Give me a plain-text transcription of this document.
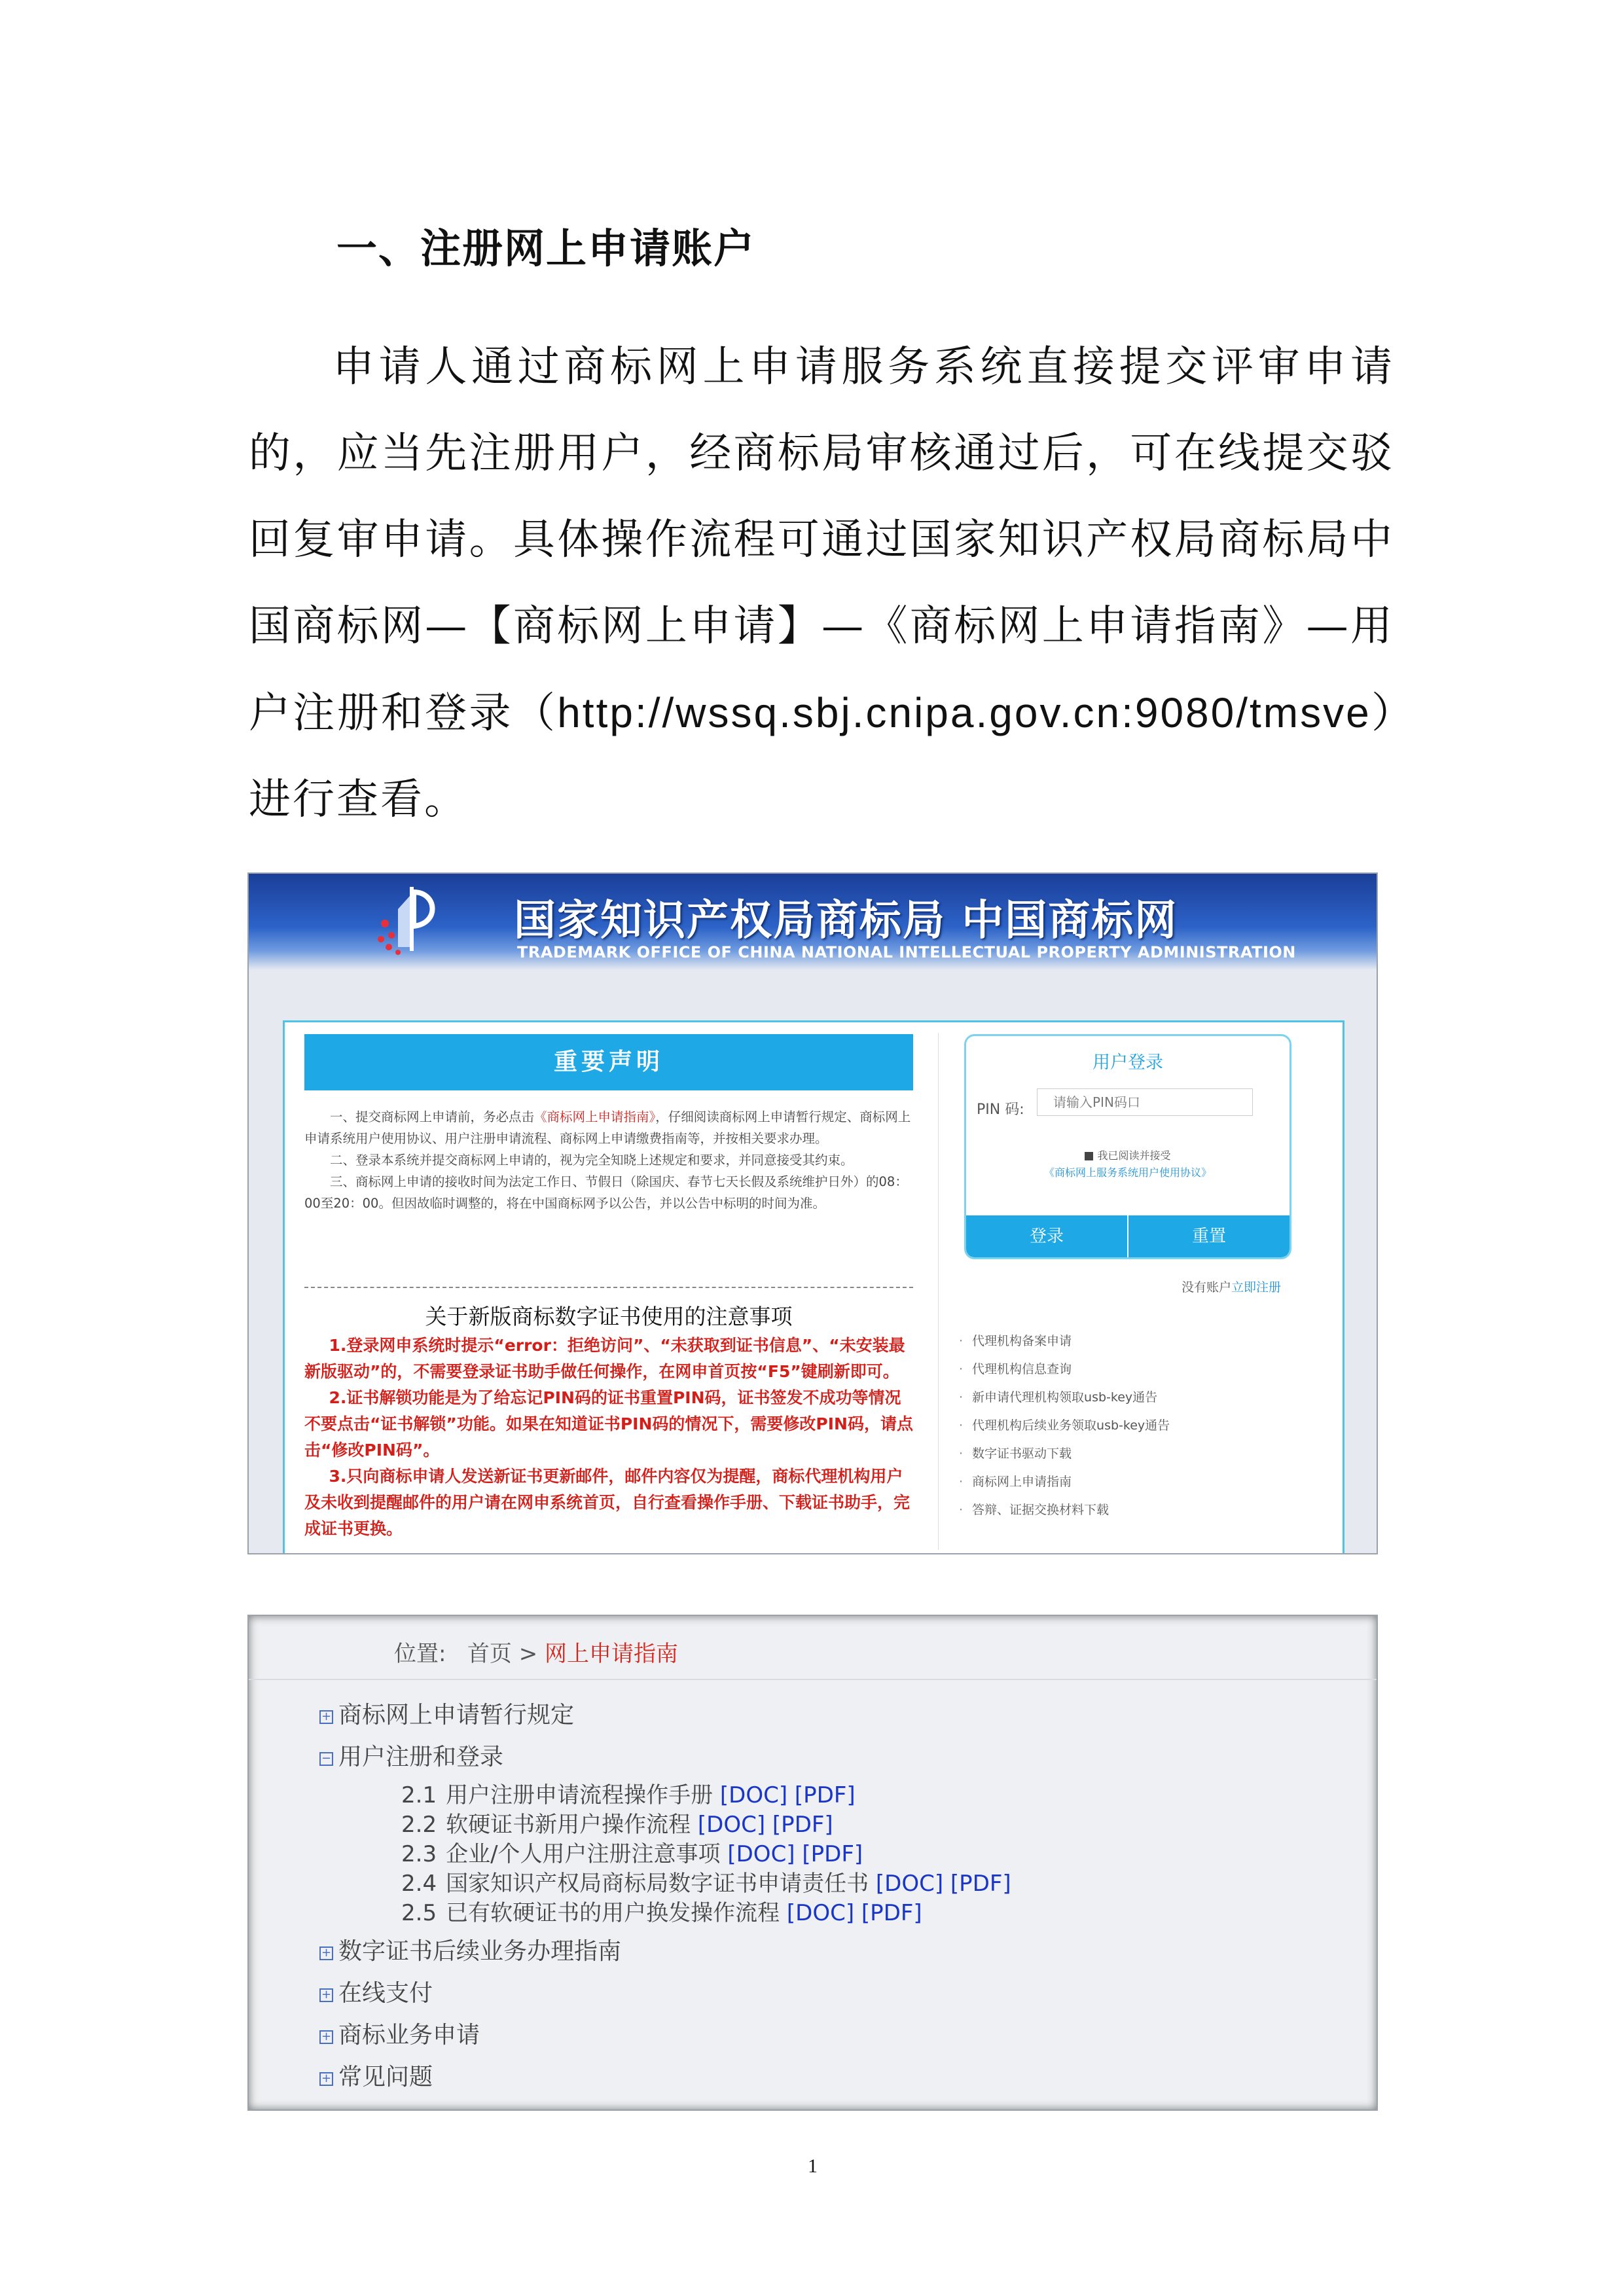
一、注册网上申请账户
申请人通过商标网上申请服务系统直接提交评审申请的，应当先注册用户，经商标局审核通过后，可在线提交驳回复审申请。具体操作流程可通过国家知识产权局商标局中国商标网—【商标网上申请】—《商标网上申请指南》—用户注册和登录（http://wssq.sbj.cnipa.gov.cn:9080/tmsve）进行查看。
国家知识产权局商标局 中国商标网
TRADEMARK OFFICE OF CHINA NATIONAL INTELLECTUAL PROPERTY ADMINISTRATION
重要声明

一、提交商标网上申请前，务必点击《商标网上申请指南》，仔细阅读商标网上申请暂行规定、商标网上申请系统用户使用协议、用户注册申请流程、商标网上申请缴费指南等，并按相关要求办理。

二、登录本系统并提交商标网上申请的，视为完全知晓上述规定和要求，并同意接受其约束。

三、商标网上申请的接收时间为法定工作日、节假日（除国庆、春节七天长假及系统维护日外）的08：00至20：00。但因故临时调整的，将在中国商标网予以公告，并以公告中标明的时间为准。

关于新版商标数字证书使用的注意事项

1.登录网申系统时提示“error：拒绝访问”、“未获取到证书信息”、“未安装最新版驱动”的，不需要登录证书助手做任何操作，在网申首页按“F5”键刷新即可。

2.证书解锁功能是为了给忘记PIN码的证书重置PIN码，证书签发不成功等情况不要点击“证书解锁”功能。如果在知道证书PIN码的情况下，需要修改PIN码，请点击“修改PIN码”。

3.只向商标申请人发送新证书更新邮件，邮件内容仅为提醒，商标代理机构用户及未收到提醒邮件的用户请在网申系统首页，自行查看操作手册、下载证书助手，完成证书更换。

用户登录
PIN 码:	请输入PIN码口
我已阅读并接受
《商标网上服务系统用户使用协议》
登录	重置
没有账户立即注册
· 代理机构备案申请
· 代理机构信息查询
· 新申请代理机构领取usb-key通告
· 代理机构后续业务领取usb-key通告
· 数字证书驱动下载
· 商标网上申请指南
· 答辩、证据交换材料下载
位置: 首页 > 网上申请指南
+ 商标网上申请暂行规定
− 用户注册和登录
2.1 用户注册申请流程操作手册 [DOC] [PDF]
2.2 软硬证书新用户操作流程 [DOC] [PDF]
2.3 企业/个人用户注册注意事项 [DOC] [PDF]
2.4 国家知识产权局商标局数字证书申请责任书 [DOC] [PDF]
2.5 已有软硬证书的用户换发操作流程 [DOC] [PDF]
+ 数字证书后续业务办理指南
+ 在线支付
+ 商标业务申请
+ 常见问题
1
